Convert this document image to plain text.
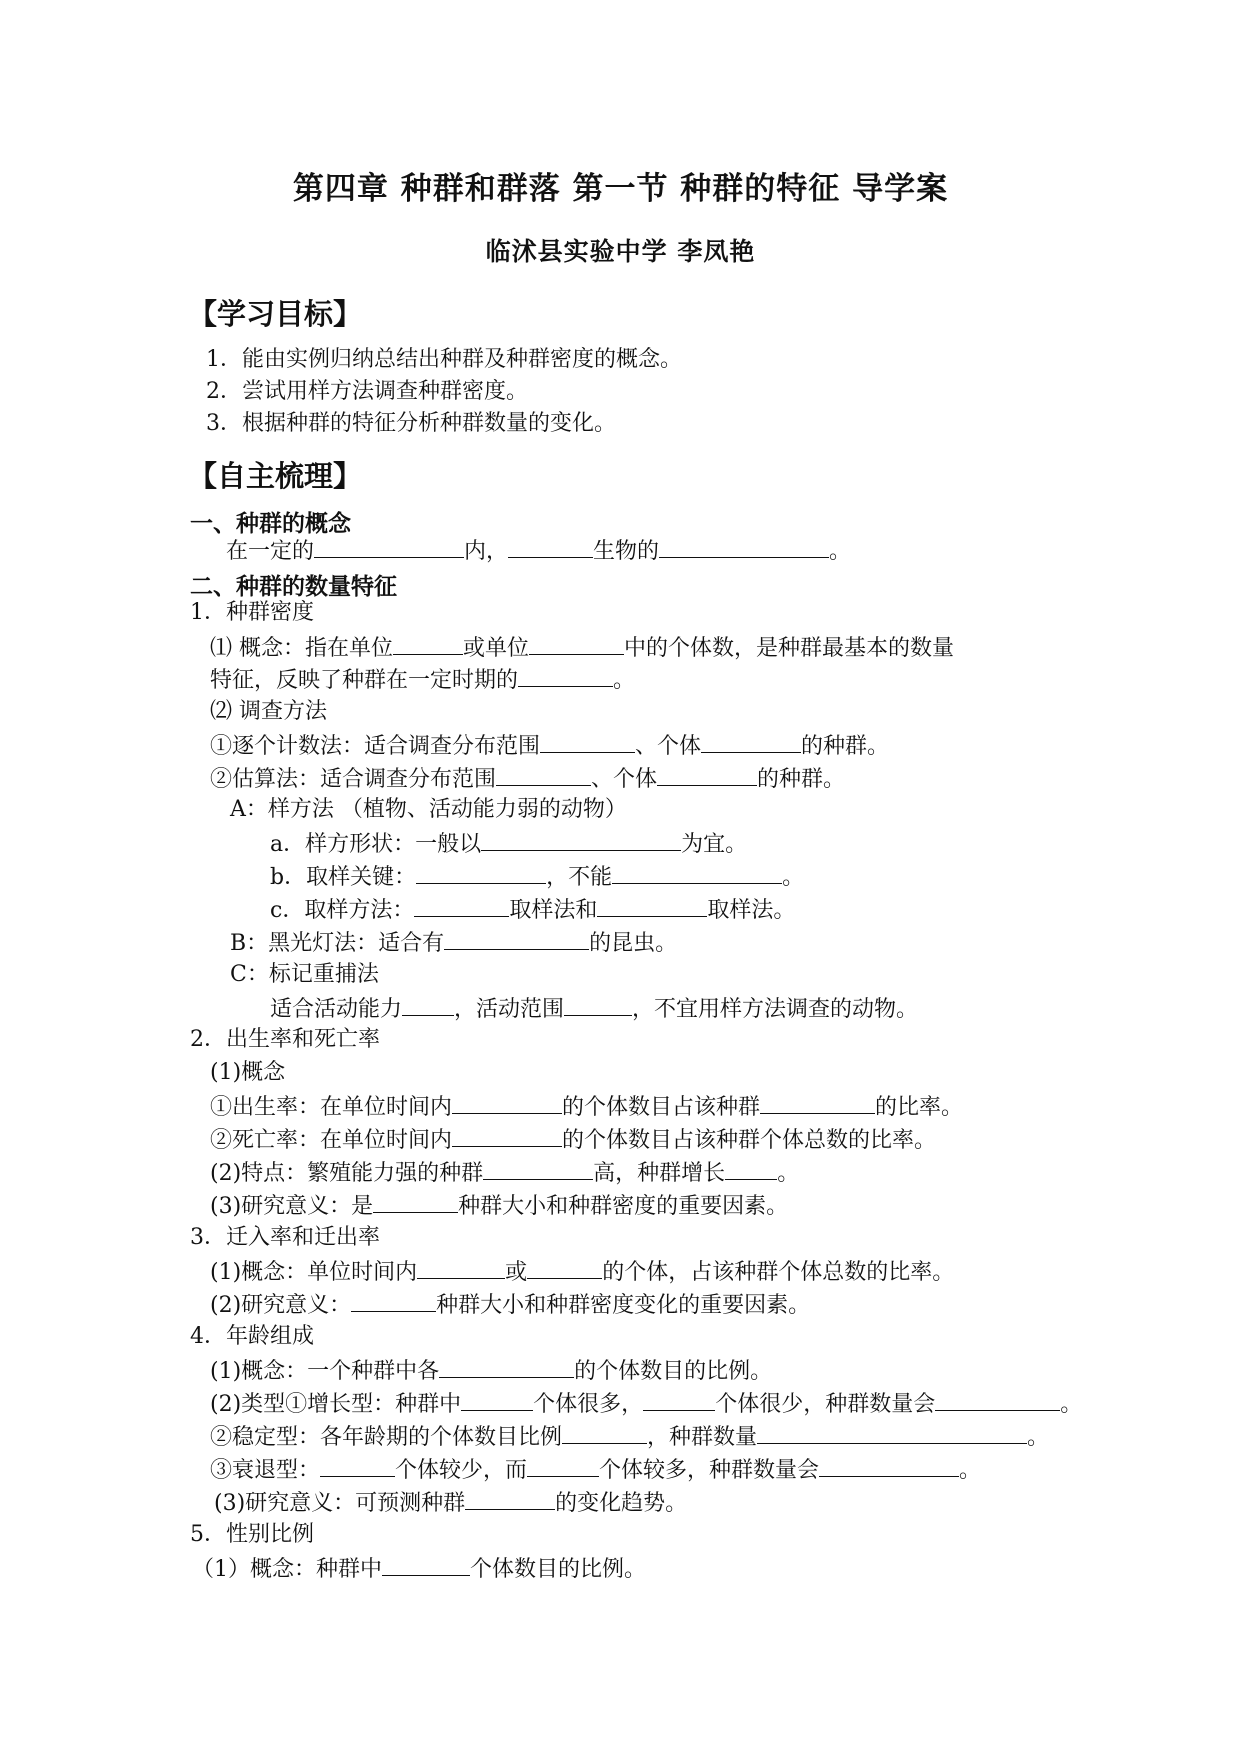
第四章 种群和群落 第一节 种群的特征 导学案
临沭县实验中学 李凤艳
【学习目标】
1．能由实例归纳总结出种群及种群密度的概念。
2．尝试用样方法调查种群密度。
3．根据种群的特征分析种群数量的变化。
【自主梳理】
一、种群的概念
在一定的	内，	生物的	。
二、种群的数量特征
1．种群密度
⑴ 概念：指在单位	或单位	中的个体数，是种群最基本的数量
特征，反映了种群在一定时期的	。
⑵ 调查方法
①逐个计数法：适合调查分布范围	、个体	的种群。
②估算法：适合调查分布范围	、个体	的种群。
A：样方法 （植物、活动能力弱的动物）
a．样方形状：一般以	为宜。
b．取样关键：	，不能	。
c．取样方法：	取样法和	取样法。
B：黑光灯法：适合有	的昆虫。
C：标记重捕法
适合活动能力 ，活动范围	，不宜用样方法调查的动物。
2．出生率和死亡率
(1)概念
①出生率：在单位时间内	的个体数目占该种群	的比率。
②死亡率：在单位时间内	的个体数目占该种群个体总数的比率。
(2)特点：繁殖能力强的种群	高，种群增长 。
(3)研究意义：是	种群大小和种群密度的重要因素。
3．迁入率和迁出率
(1)概念：单位时间内	或	的个体，占该种群个体总数的比率。
(2)研究意义：	种群大小和种群密度变化的重要因素。
4．年龄组成
(1)概念：一个种群中各	的个体数目的比例。
(2)类型①增长型：种群中	个体很多，	个体很少，种群数量会	。
②稳定型：各年龄期的个体数目比例	，种群数量	。
③衰退型：	个体较少，而	个体较多，种群数量会	。
(3)研究意义：可预测种群	的变化趋势。
5．性别比例
（1）概念：种群中	个体数目的比例。
